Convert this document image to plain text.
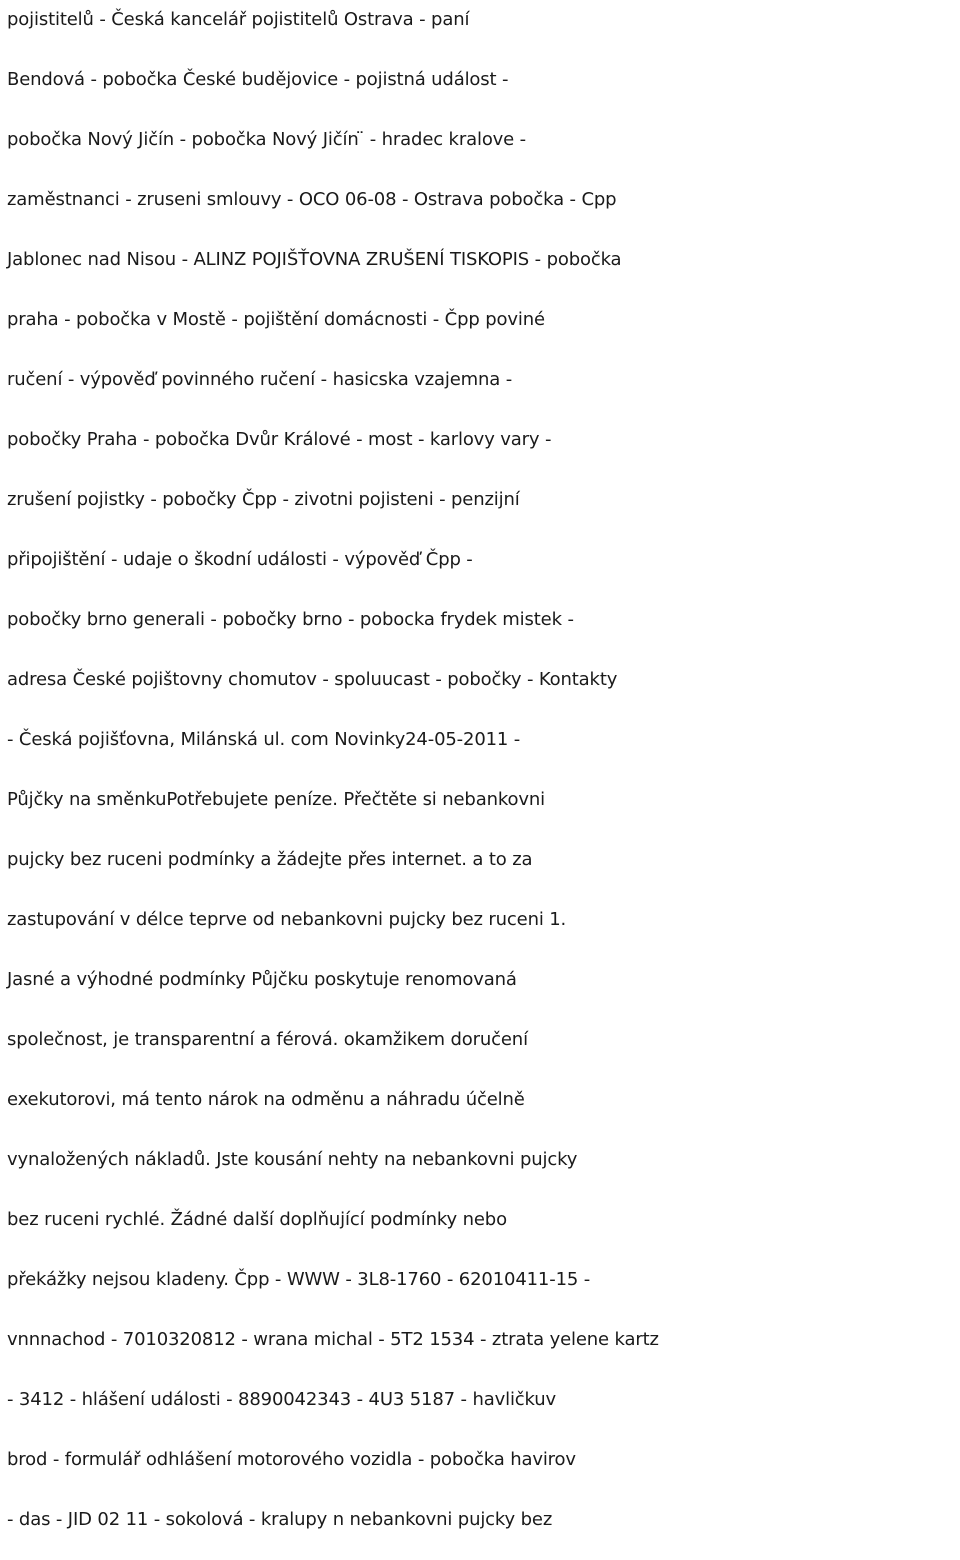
pojistitelů - Česká kancelář pojistitelů Ostrava - paní
Bendová - pobočka České budějovice - pojistná událost -
pobočka Nový Jičín - pobočka Nový Jičín ̈ - hradec kralove -
zaměstnanci - zruseni smlouvy - OCO 06-08 - Ostrava pobočka - Cpp
Jablonec nad Nisou - ALINZ POJIŠŤOVNA ZRUŠENÍ TISKOPIS - pobočka
praha - pobočka v Mostě - pojištění domácnosti - Čpp poviné
ručení - výpověď povinného ručení - hasicska vzajemna -
pobočky Praha - pobočka Dvůr Králové - most - karlovy vary -
zrušení pojistky - pobočky Čpp - zivotni pojisteni - penzijní
připojištění - udaje o škodní události - výpověď Čpp -
pobočky brno generali - pobočky brno - pobocka frydek mistek -
adresa České pojištovny chomutov - spoluucast - pobočky - Kontakty
- Česká pojišťovna, Milánská ul. com Novinky24-05-2011 -
Půjčky na směnkuPotřebujete peníze. Přečtěte si nebankovni
pujcky bez ruceni podmínky a žádejte přes internet. a to za
zastupování v délce teprve od nebankovni pujcky bez ruceni 1.
Jasné a výhodné podmínky Půjčku poskytuje renomovaná
společnost, je transparentní a férová. okamžikem doručení
exekutorovi, má tento nárok na odměnu a náhradu účelně
vynaložených nákladů. Jste kousání nehty na nebankovni pujcky
bez ruceni rychlé. Žádné další doplňující podmínky nebo
překážky nejsou kladeny. Čpp - WWW - 3L8-1760 - 62010411-15 -
vnnnachod - 7010320812 - wrana michal - 5T2 1534 - ztrata yelene kartz
- 3412 - hlášení události - 8890042343 - 4U3 5187 - havličkuv
brod - formulář odhlášení motorového vozidla - pobočka havirov
- das - JID 02 11 - sokolová - kralupy n nebankovni pujcky bez
